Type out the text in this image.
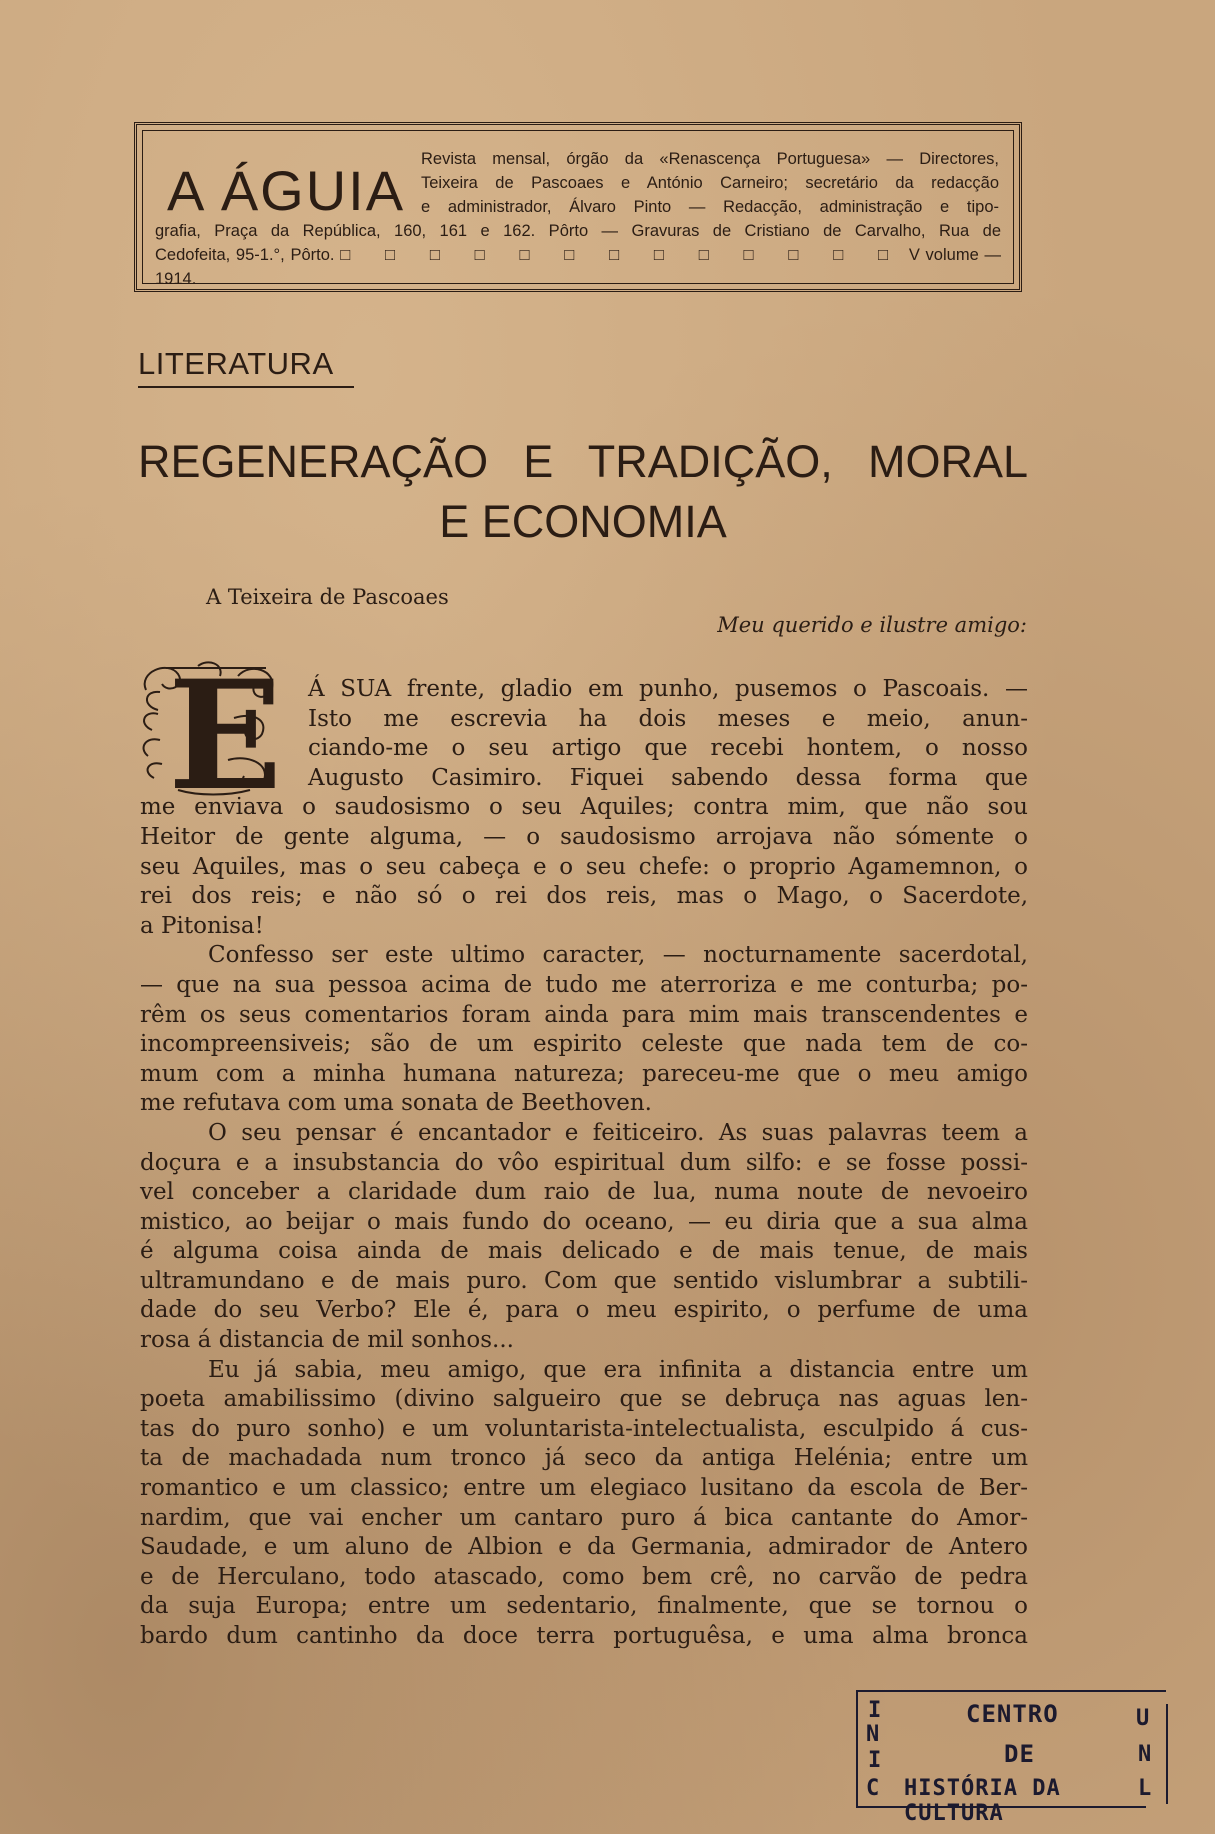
A ÁGUIA Revista mensal, órgão da «Renascença Portuguesa» — Directores,
Teixeira de Pascoaes e António Carneiro; secretário da redacção
e administrador, Álvaro Pinto — Redacção, administração e tipo-
grafia, Praça da República, 160, 161 e 162. Pôrto — Gravuras de Cristiano de Carvalho, Rua de
Cedofeita, 95-1.°, Pôrto. □ □ □ □ □ □ □ □ □ □ □ □ □ V volume — 1914.
LITERATURA
REGENERAÇÃO E TRADIÇÃO, MORAL
E ECONOMIA
A Teixeira de Pascoaes
Meu querido e ilustre amigo:
E Á SUA frente, gladio em punho, pusemos o Pascoais. —
Isto me escrevia ha dois meses e meio, anun-
ciando-me o seu artigo que recebi hontem, o nosso
Augusto Casimiro. Fiquei sabendo dessa forma que
me enviava o saudosismo o seu Aquiles; contra mim, que não sou
Heitor de gente alguma, — o saudosismo arrojava não sómente o
seu Aquiles, mas o seu cabeça e o seu chefe: o proprio Agamemnon, o
rei dos reis; e não só o rei dos reis, mas o Mago, o Sacerdote,
a Pitonisa!
Confesso ser este ultimo caracter, — nocturnamente sacerdotal,
— que na sua pessoa acima de tudo me aterroriza e me conturba; po-
rêm os seus comentarios foram ainda para mim mais transcendentes e
incompreensiveis; são de um espirito celeste que nada tem de co-
mum com a minha humana natureza; pareceu-me que o meu amigo
me refutava com uma sonata de Beethoven.
O seu pensar é encantador e feiticeiro. As suas palavras teem a
doçura e a insubstancia do vôo espiritual dum silfo: e se fosse possi-
vel conceber a claridade dum raio de lua, numa noute de nevoeiro
mistico, ao beijar o mais fundo do oceano, — eu diria que a sua alma
é alguma coisa ainda de mais delicado e de mais tenue, de mais
ultramundano e de mais puro. Com que sentido vislumbrar a subtili-
dade do seu Verbo? Ele é, para o meu espirito, o perfume de uma
rosa á distancia de mil sonhos...
Eu já sabia, meu amigo, que era infinita a distancia entre um
poeta amabilissimo (divino salgueiro que se debruça nas aguas len-
tas do puro sonho) e um voluntarista-intelectualista, esculpido á cus-
ta de machadada num tronco já seco da antiga Helénia; entre um
romantico e um classico; entre um elegiaco lusitano da escola de Ber-
nardim, que vai encher um cantaro puro á bica cantante do Amor-
Saudade, e um aluno de Albion e da Germania, admirador de Antero
e de Herculano, todo atascado, como bem crê, no carvão de pedra
da suja Europa; entre um sedentario, finalmente, que se tornou o
bardo dum cantinho da doce terra portuguêsa, e uma alma bronca
I
N
I
C
CENTRO
DE
HISTÓRIA DA CULTURA
U
N
L
